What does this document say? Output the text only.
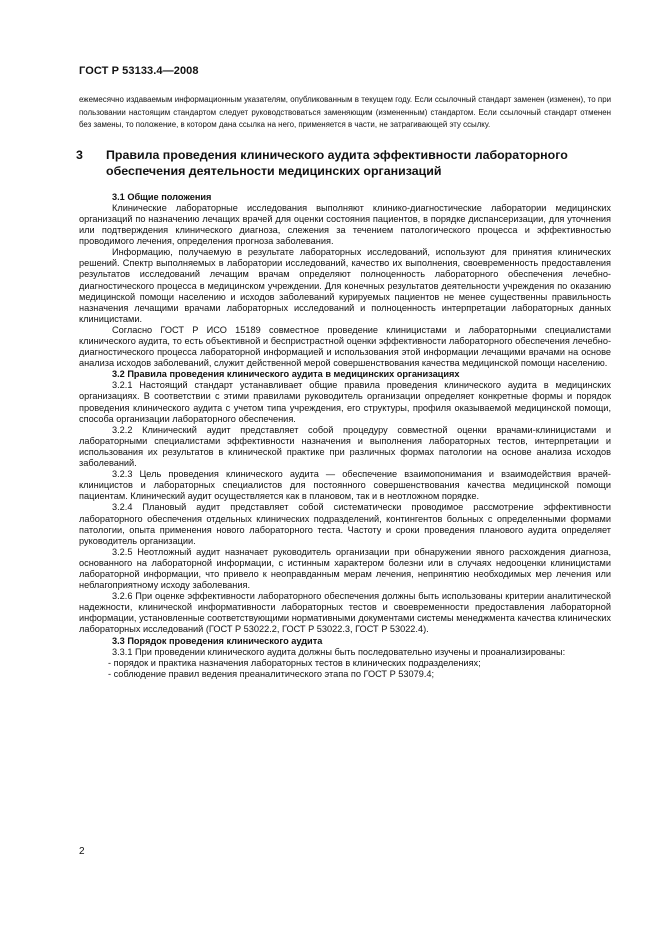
ГОСТ Р 53133.4—2008

ежемесячно издаваемым информационным указателям, опубликованным в текущем году. Если ссылочный стандарт заменен (изменен), то при пользовании настоящим стандартом следует руководствоваться заменяющим (измененным) стандартом. Если ссылочный стандарт отменен без замены, то положение, в котором дана ссылка на него, применяется в части, не затрагивающей эту ссылку.

3 Правила проведения клинического аудита эффективности лабораторного обеспечения деятельности медицинских организаций

3.1 Общие положения

Клинические лабораторные исследования выполняют клинико-диагностические лаборатории медицинских организаций по назначению лечащих врачей для оценки состояния пациентов, в порядке диспансеризации, для уточнения или подтверждения клинического диагноза, слежения за течением патологического процесса и эффективностью проводимого лечения, определения прогноза заболевания.

Информацию, получаемую в результате лабораторных исследований, используют для принятия клинических решений. Спектр выполняемых в лаборатории исследований, качество их выполнения, своевременность предоставления результатов исследований лечащим врачам определяют полноценность лабораторного обеспечения лечебно-диагностического процесса в медицинском учреждении. Для конечных результатов деятельности учреждения по оказанию медицинской помощи населению и исходов заболеваний курируемых пациентов не менее существенны правильность назначения лечащими врачами лабораторных исследований и полноценность интерпретации лабораторных данных клиницистами.

Согласно ГОСТ Р ИСО 15189 совместное проведение клиницистами и лабораторными специалистами клинического аудита, то есть объективной и беспристрастной оценки эффективности лабораторного обеспечения лечебно-диагностического процесса лабораторной информацией и использования этой информации лечащими врачами на основе анализа исходов заболеваний, служит действенной мерой совершенствования качества медицинской помощи населению.

3.2 Правила проведения клинического аудита в медицинских организациях

3.2.1 Настоящий стандарт устанавливает общие правила проведения клинического аудита в медицинских организациях. В соответствии с этими правилами руководитель организации определяет конкретные формы и порядок проведения клинического аудита с учетом типа учреждения, его структуры, профиля оказываемой медицинской помощи, способа организации лабораторного обеспечения.

3.2.2 Клинический аудит представляет собой процедуру совместной оценки врачами-клиницистами и лабораторными специалистами эффективности назначения и выполнения лабораторных тестов, интерпретации и использования их результатов в клинической практике при различных формах патологии на основе анализа исходов заболеваний.

3.2.3 Цель проведения клинического аудита — обеспечение взаимопонимания и взаимодействия врачей-клиницистов и лабораторных специалистов для постоянного совершенствования качества медицинской помощи пациентам. Клинический аудит осуществляется как в плановом, так и в неотложном порядке.

3.2.4 Плановый аудит представляет собой систематически проводимое рассмотрение эффективности лабораторного обеспечения отдельных клинических подразделений, контингентов больных с определенными формами патологии, опыта применения нового лабораторного теста. Частоту и сроки проведения планового аудита определяет руководитель организации.

3.2.5 Неотложный аудит назначает руководитель организации при обнаружении явного расхождения диагноза, основанного на лабораторной информации, с истинным характером болезни или в случаях недооценки клиницистами лабораторной информации, что привело к неоправданным мерам лечения, непринятию необходимых мер лечения или неблагоприятному исходу заболевания.

3.2.6 При оценке эффективности лабораторного обеспечения должны быть использованы критерии аналитической надежности, клинической информативности лабораторных тестов и своевременности предоставления лабораторной информации, установленные соответствующими нормативными документами системы менеджмента качества клинических лабораторных исследований (ГОСТ Р 53022.2, ГОСТ Р 53022.3, ГОСТ Р 53022.4).

3.3 Порядок проведения клинического аудита

3.3.1 При проведении клинического аудита должны быть последовательно изучены и проанализированы:

- порядок и практика назначения лабораторных тестов в клинических подразделениях;

- соблюдение правил ведения преаналитического этапа по ГОСТ Р 53079.4;

2
